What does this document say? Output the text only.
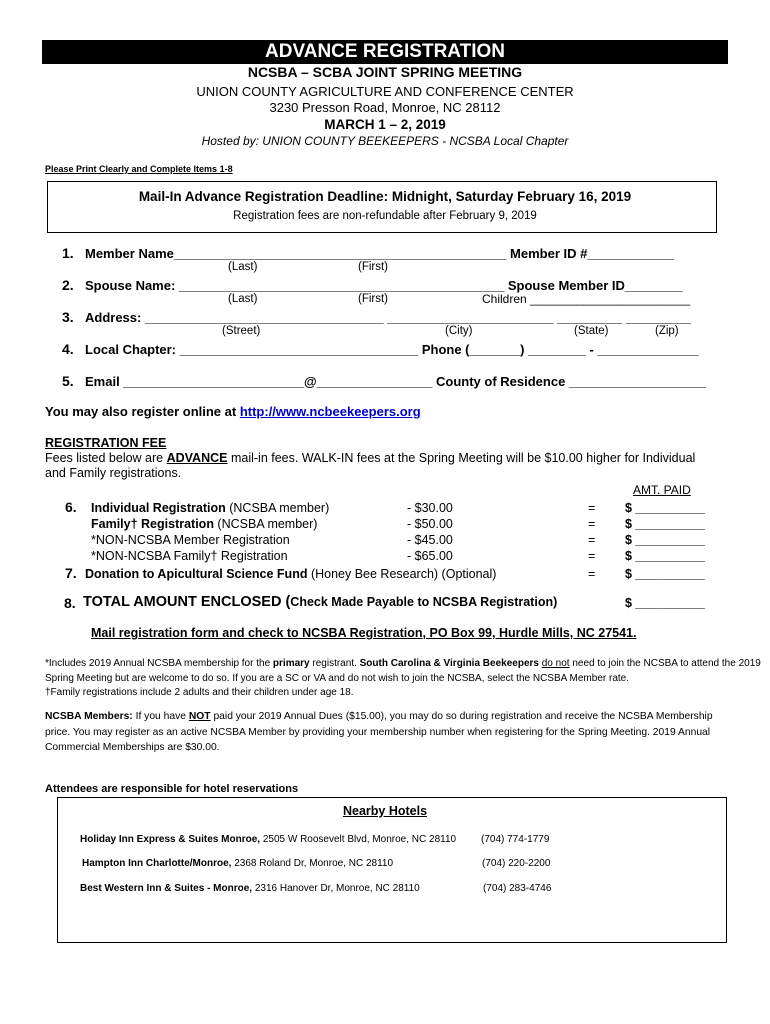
ADVANCE REGISTRATION
NCSBA – SCBA JOINT SPRING MEETING
UNION COUNTY AGRICULTURE AND CONFERENCE CENTER
3230 Presson Road, Monroe, NC 28112
MARCH 1 – 2, 2019
Hosted by: UNION COUNTY BEEKEEPERS - NCSBA Local Chapter
Please Print Clearly and Complete Items 1-8
Mail-In Advance Registration Deadline: Midnight, Saturday February 16, 2019
Registration fees are non-refundable after February 9, 2019
1. Member Name______________________________________________ Member ID #____________
(Last)	(First)
2. Spouse Name: _____________________________________________ Spouse Member ID________
(Last)	(First)	Children ________________________
3. Address: _________________________________ _______________________ _________ _________
(Street)	(City)	(State)	(Zip)
4. Local Chapter: _________________________________ Phone (_______) ________ - ______________
5. Email _________________________@________________ County of Residence ___________________
You may also register online at http://www.ncbeekeepers.org
REGISTRATION FEE
Fees listed below are ADVANCE mail-in fees. WALK-IN fees at the Spring Meeting will be $10.00 higher for Individual
and Family registrations.
AMT. PAID
6. Individual Registration (NCSBA member)	- $30.00	= $ __________
Family† Registration (NCSBA member)	- $50.00	= $ __________
*NON-NCSBA Member Registration	- $45.00	= $ __________
*NON-NCSBA Family† Registration	- $65.00	= $ __________
7. Donation to Apicultural Science Fund (Honey Bee Research) (Optional)	= $ __________
8. TOTAL AMOUNT ENCLOSED (Check Made Payable to NCSBA Registration)	$ __________
Mail registration form and check to NCSBA Registration, PO Box 99, Hurdle Mills, NC 27541.
*Includes 2019 Annual NCSBA membership for the primary registrant. South Carolina & Virginia Beekeepers do not need to join the NCSBA to attend the 2019
Spring Meeting but are welcome to do so. If you are a SC or VA and do not wish to join the NCSBA, select the NCSBA Member rate.
†Family registrations include 2 adults and their children under age 18.
NCSBA Members: If you have NOT paid your 2019 Annual Dues ($15.00), you may do so during registration and receive the NCSBA Membership
price. You may register as an active NCSBA Member by providing your membership number when registering for the Spring Meeting. 2019 Annual
Commercial Memberships are $30.00.
Attendees are responsible for hotel reservations
Nearby Hotels
Holiday Inn Express & Suites Monroe, 2505 W Roosevelt Blvd, Monroe, NC 28110 (704) 774-1779
Hampton Inn Charlotte/Monroe, 2368 Roland Dr, Monroe, NC 28110	(704) 220-2200
Best Western Inn & Suites - Monroe, 2316 Hanover Dr, Monroe, NC 28110	(704) 283-4746
